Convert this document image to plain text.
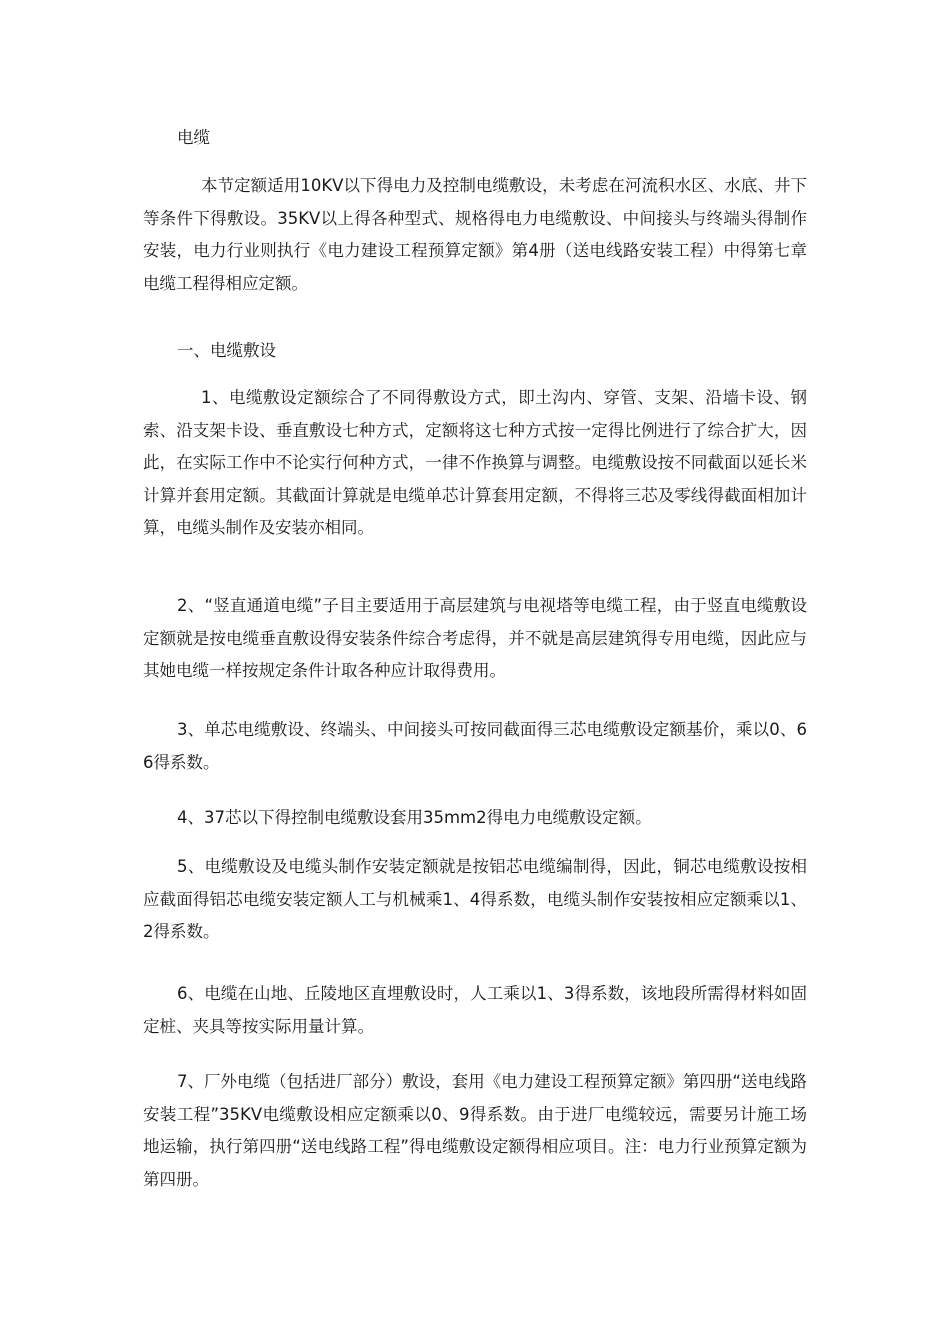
电缆

本节定额适用10KV以下得电力及控制电缆敷设，未考虑在河流积水区、水底、井下等条件下得敷设。35KV以上得各种型式、规格得电力电缆敷设、中间接头与终端头得制作安装，电力行业则执行《电力建设工程预算定额》第4册（送电线路安装工程）中得第七章电缆工程得相应定额。

一、电缆敷设

1、电缆敷设定额综合了不同得敷设方式，即土沟内、穿管、支架、沿墙卡设、钢索、沿支架卡设、垂直敷设七种方式，定额将这七种方式按一定得比例进行了综合扩大，因此，在实际工作中不论实行何种方式，一律不作换算与调整。电缆敷设按不同截面以延长米计算并套用定额。其截面计算就是电缆单芯计算套用定额，不得将三芯及零线得截面相加计算，电缆头制作及安装亦相同。

2、“竖直通道电缆”子目主要适用于高层建筑与电视塔等电缆工程，由于竖直电缆敷设定额就是按电缆垂直敷设得安装条件综合考虑得，并不就是高层建筑得专用电缆，因此应与其她电缆一样按规定条件计取各种应计取得费用。

3、单芯电缆敷设、终端头、中间接头可按同截面得三芯电缆敷设定额基价，乘以0、66得系数。

4、37芯以下得控制电缆敷设套用35mm2得电力电缆敷设定额。

5、电缆敷设及电缆头制作安装定额就是按铝芯电缆编制得，因此，铜芯电缆敷设按相应截面得铝芯电缆安装定额人工与机械乘1、4得系数，电缆头制作安装按相应定额乘以1、2得系数。

6、电缆在山地、丘陵地区直埋敷设时，人工乘以1、3得系数，该地段所需得材料如固定桩、夹具等按实际用量计算。

7、厂外电缆（包括进厂部分）敷设，套用《电力建设工程预算定额》第四册“送电线路安装工程”35KV电缆敷设相应定额乘以0、9得系数。由于进厂电缆较远，需要另计施工场地运输，执行第四册“送电线路工程”得电缆敷设定额得相应项目。注：电力行业预算定额为第四册。
